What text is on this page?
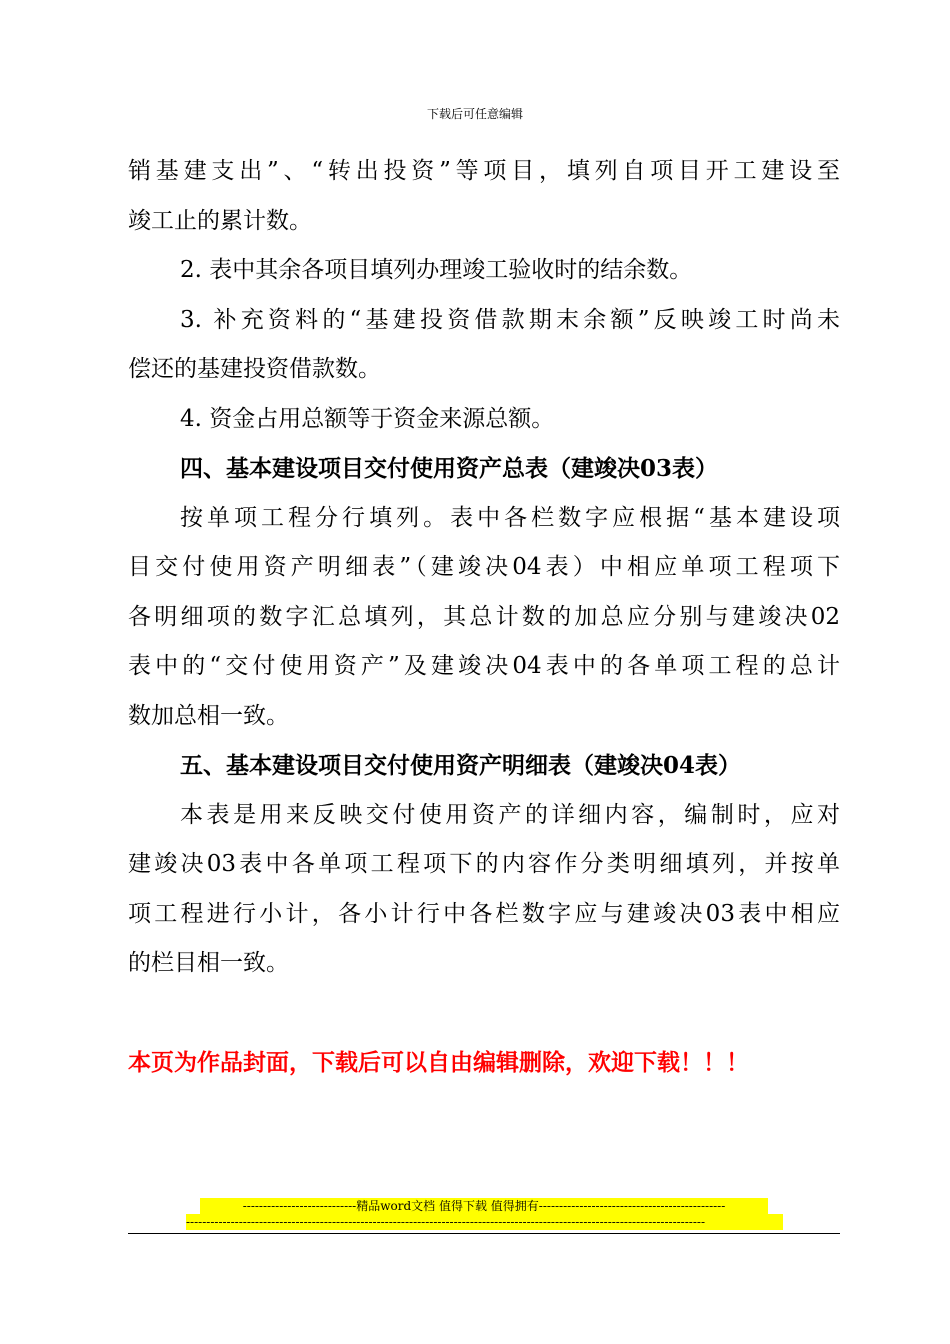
下载后可任意编辑
销基建支出”、“转出投资”等项目，填列自项目开工建设至
竣工止的累计数。
2. 表中其余各项目填列办理竣工验收时的结余数。
3. 补充资料的“基建投资借款期末余额”反映竣工时尚未
偿还的基建投资借款数。
4. 资金占用总额等于资金来源总额。
四、基本建设项目交付使用资产总表（建竣决03表）
按单项工程分行填列。表中各栏数字应根据“基本建设项
目交付使用资产明细表”（建竣决04表）中相应单项工程项下
各明细项的数字汇总填列，其总计数的加总应分别与建竣决02
表中的“交付使用资产”及建竣决04表中的各单项工程的总计
数加总相一致。
五、基本建设项目交付使用资产明细表（建竣决04表）
本表是用来反映交付使用资产的详细内容，编制时，应对
建竣决03表中各单项工程项下的内容作分类明细填列，并按单
项工程进行小计，各小计行中各栏数字应与建竣决03表中相应
的栏目相一致。
本页为作品封面，下载后可以自由编辑删除，欢迎下载！！！
----------------------------精品word文档 值得下载 值得拥有----------------------------------------------
--------------------------------------------------------------------------------------------------------------------------------
